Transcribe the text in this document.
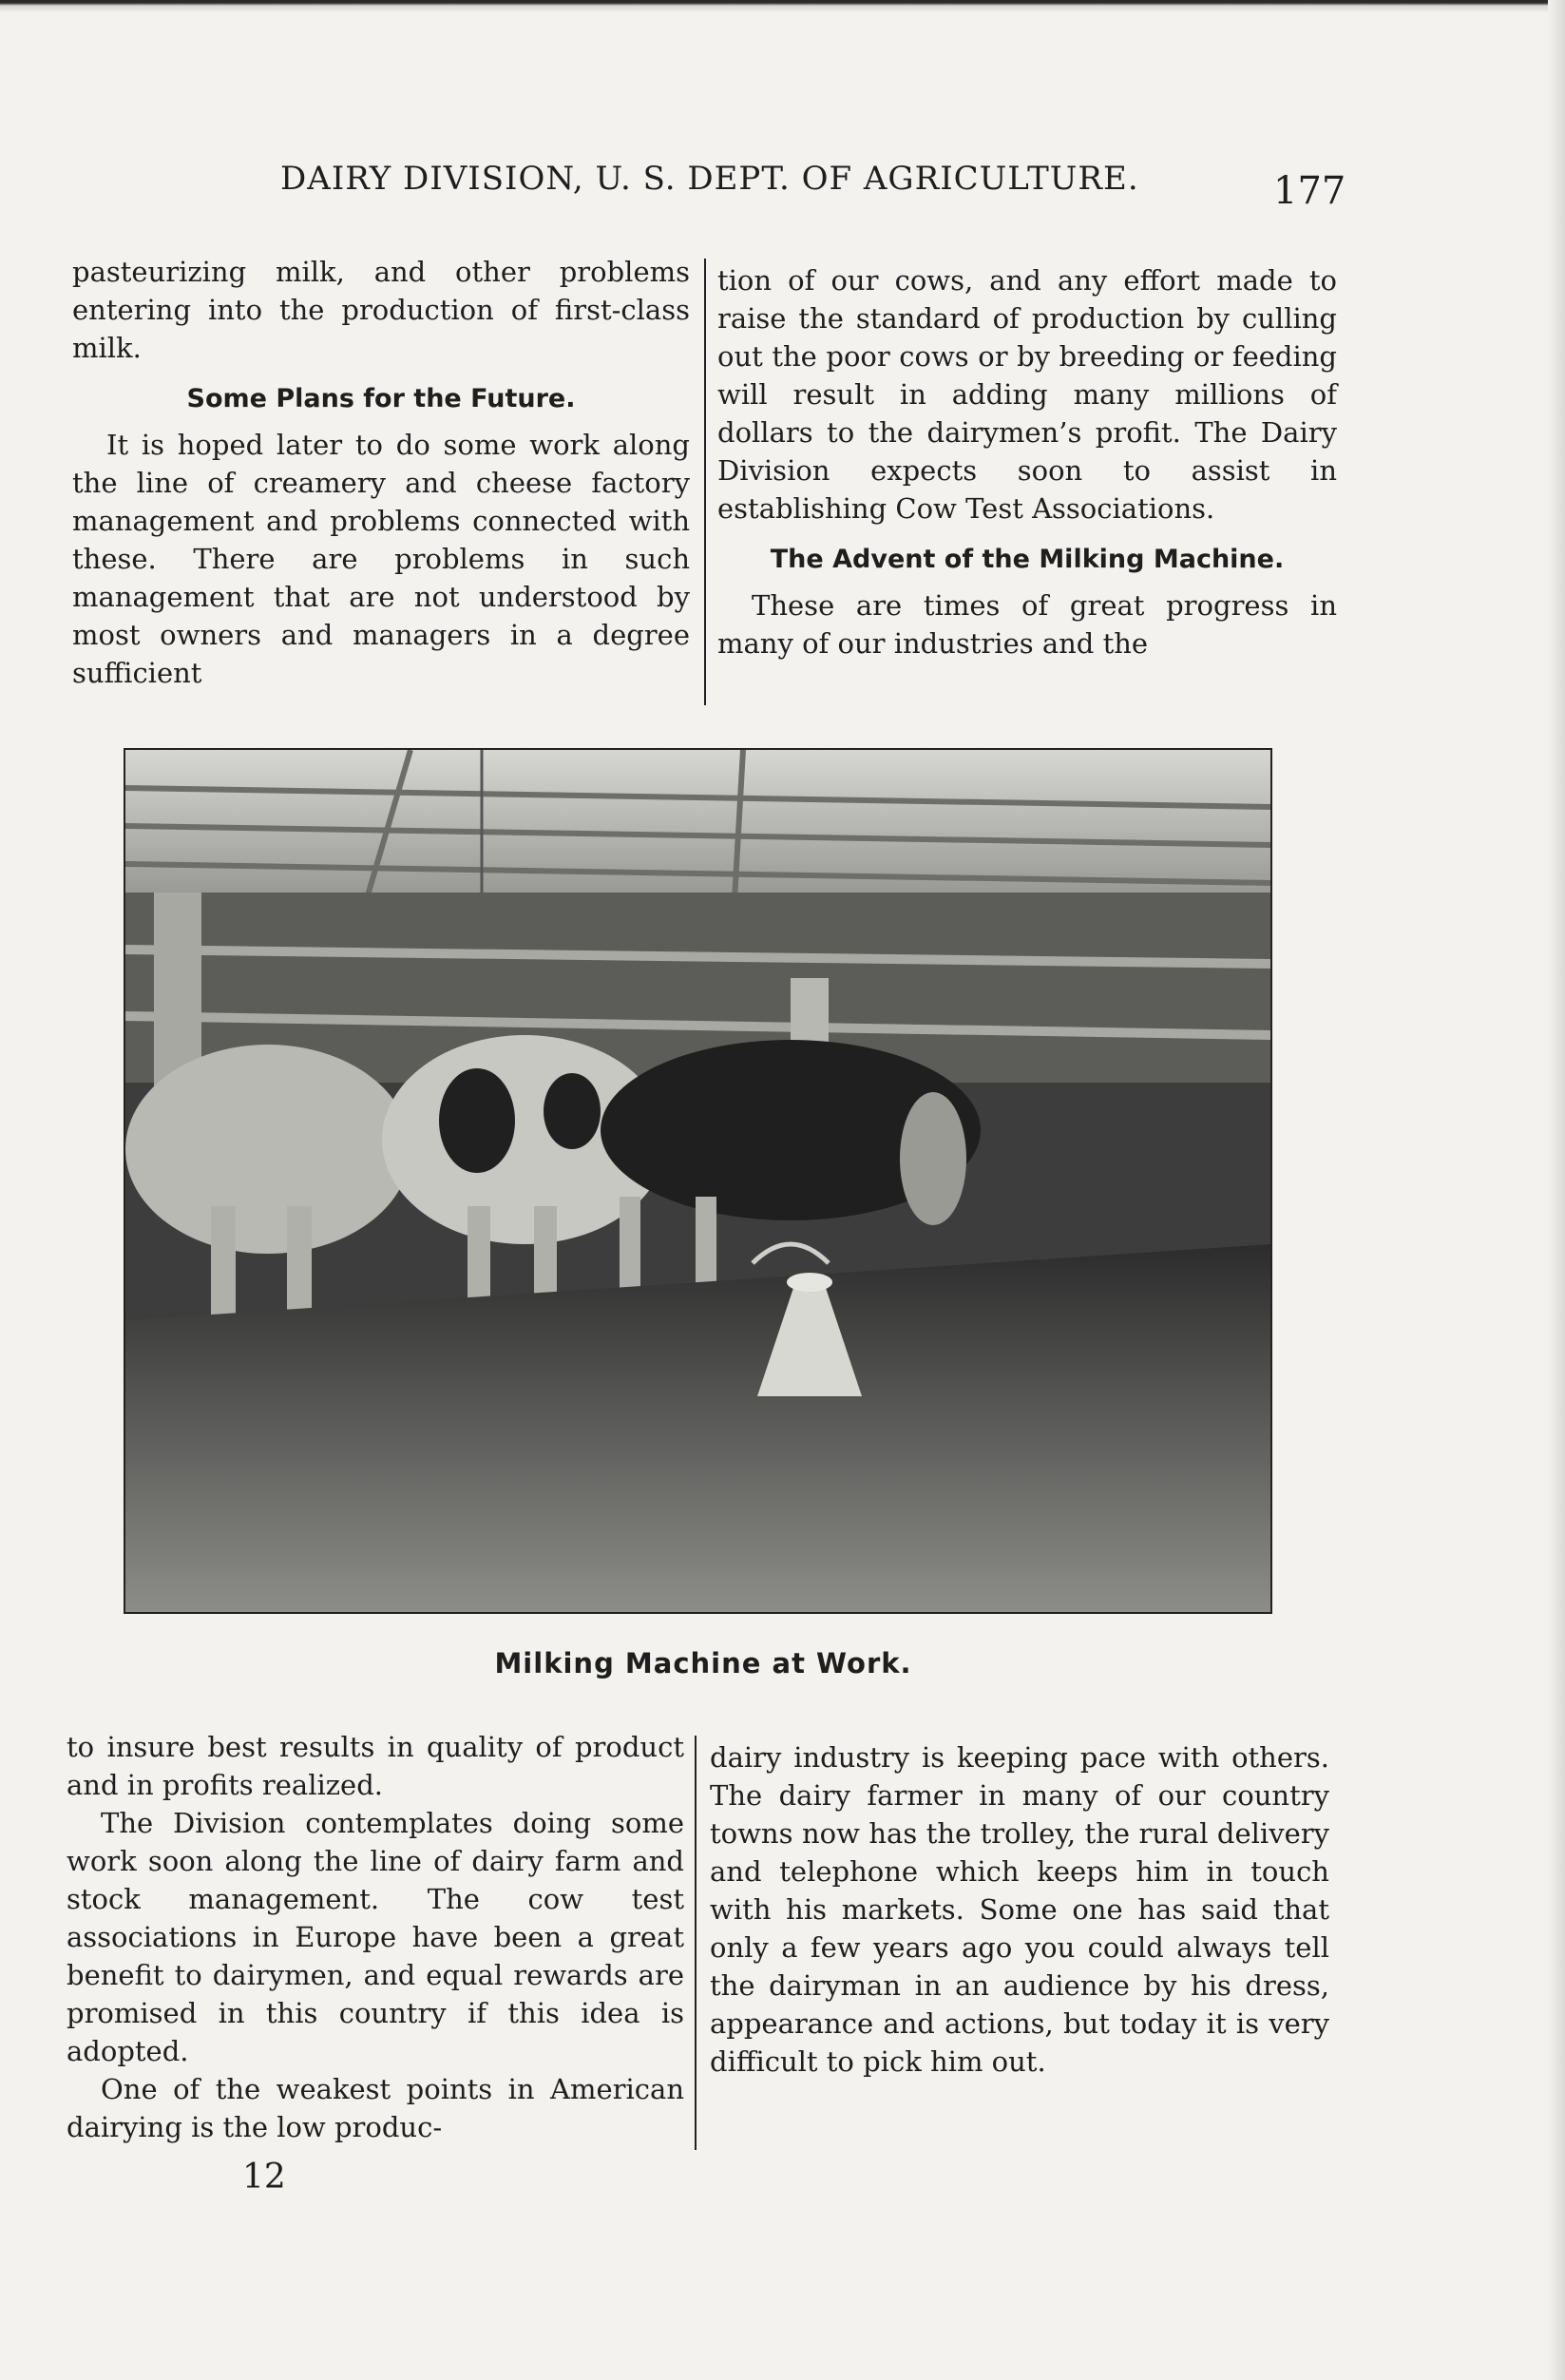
DAIRY DIVISION, U. S. DEPT. OF AGRICULTURE.	177

pasteurizing milk, and other problems entering into the production of first-class milk.

Some Plans for the Future.

It is hoped later to do some work along the line of creamery and cheese factory management and problems connected with these. There are problems in such management that are not understood by most owners and managers in a degree sufficient

tion of our cows, and any effort made to raise the standard of production by culling out the poor cows or by breeding or feeding will result in adding many millions of dollars to the dairymen’s profit. The Dairy Division expects soon to assist in establishing Cow Test Associations.

The Advent of the Milking Machine.

These are times of great progress in many of our industries and the

Milking Machine at Work.

to insure best results in quality of product and in profits realized.

The Division contemplates doing some work soon along the line of dairy farm and stock management. The cow test associations in Europe have been a great benefit to dairymen, and equal rewards are promised in this country if this idea is adopted.

One of the weakest points in American dairying is the low produc-

dairy industry is keeping pace with others. The dairy farmer in many of our country towns now has the trolley, the rural delivery and telephone which keeps him in touch with his markets. Some one has said that only a few years ago you could always tell the dairyman in an audience by his dress, appearance and actions, but today it is very difficult to pick him out.

12
